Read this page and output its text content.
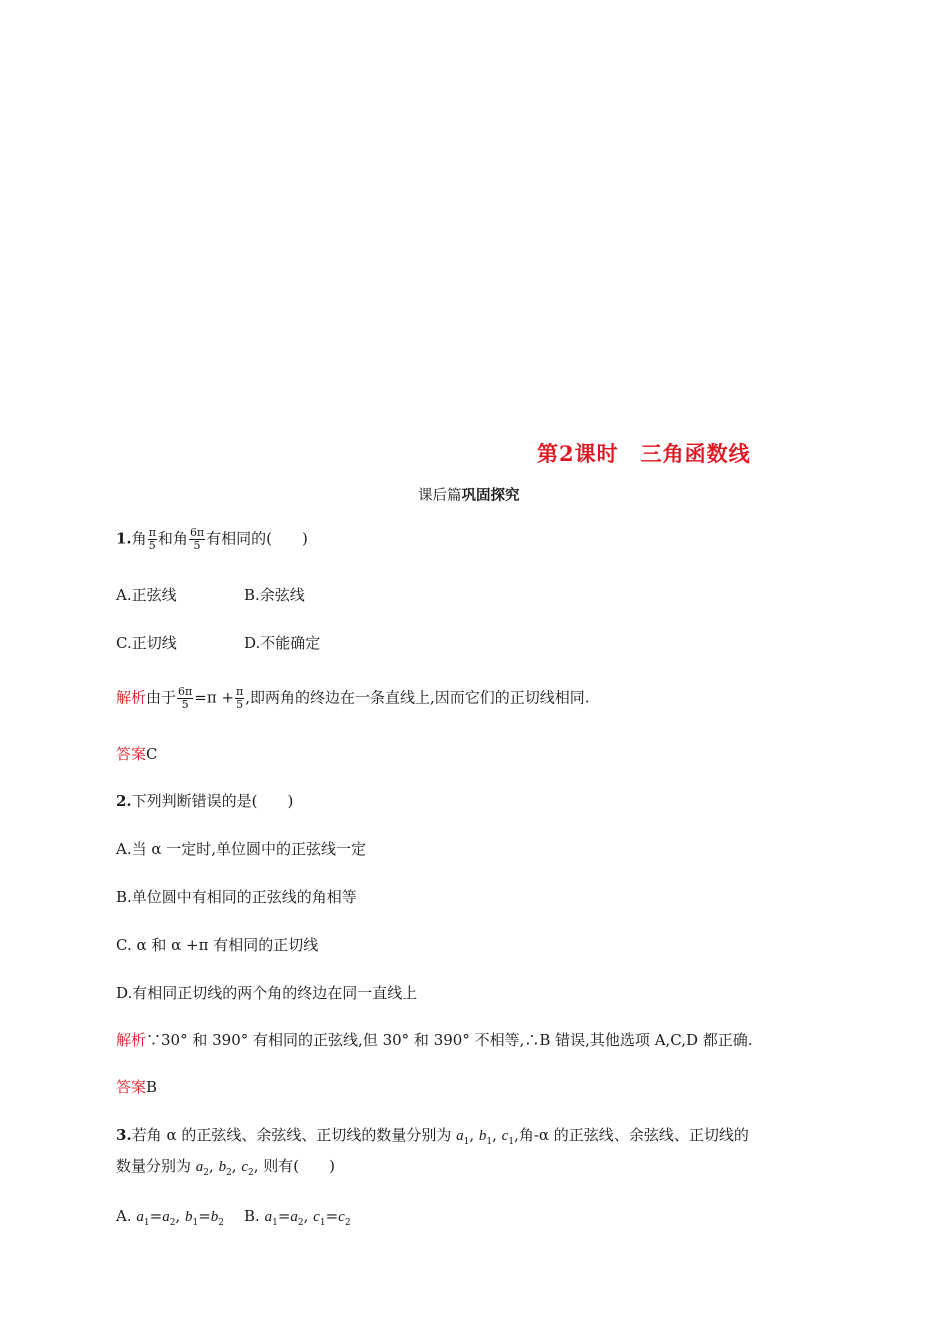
第2课时　三角函数线
课后篇巩固探究
1.角 $\frac{\pi}{5}$ 和角 $\frac{6\pi}{5}$ 有相同的(　　)
A.正弦线	B.余弦线
C.正切线	D.不能确定
解析由于 $\frac{6\pi}{5} =\pi + \frac{\pi}{5}$ ,即两角的终边在一条直线上,因而它们的正切线相同.
答案C
2.下列判断错误的是(　　)
A.当 α 一定时,单位圆中的正弦线一定
B.单位圆中有相同的正弦线的角相等
C. α 和 α +π 有相同的正切线
D.有相同正切线的两个角的终边在同一直线上
解析∵30° 和 390° 有相同的正弦线,但 30° 和 390° 不相等,∴B 错误,其他选项 A,C,D 都正确.
答案B
3.若角 α 的正弦线、余弦线、正切线的数量分别为 $a_1$, $b_1$, $c_1$,角-α 的正弦线、余弦线、正切线的
数量分别为 $a_2$, $b_2$, $c_2$, 则有(　　)
A. $a_1=a_2$, $b_1=b_2$ B. $a_1=a_2$, $c_1=c_2$
